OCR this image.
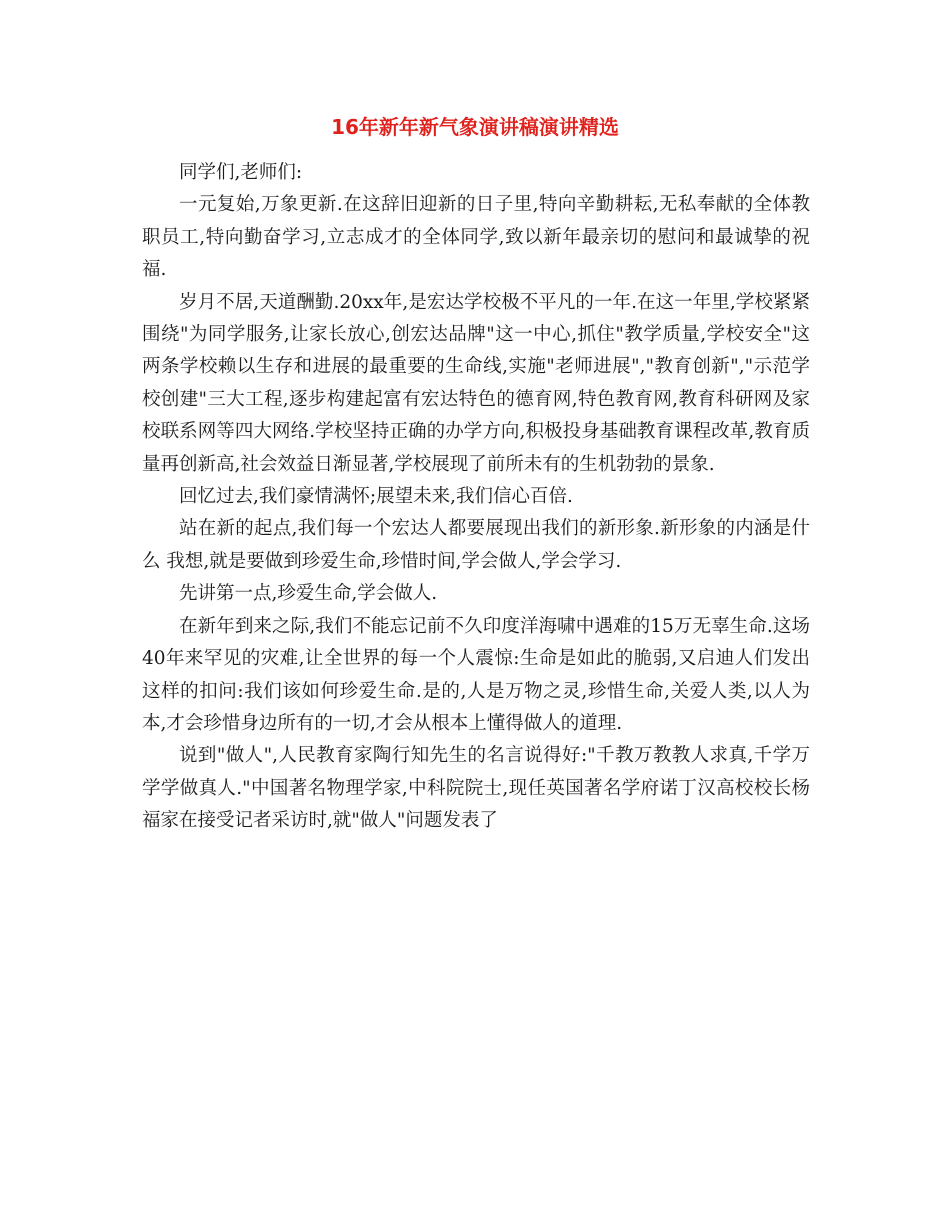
16年新年新气象演讲稿演讲精选

同学们,老师们:

一元复始,万象更新.在这辞旧迎新的日子里,特向辛勤耕耘,无私奉献的全体教职员工,特向勤奋学习,立志成才的全体同学,致以新年最亲切的慰问和最诚挚的祝福.

岁月不居,天道酬勤.20xx年,是宏达学校极不平凡的一年.在这一年里,学校紧紧围绕"为同学服务,让家长放心,创宏达品牌"这一中心,抓住"教学质量,学校安全"这两条学校赖以生存和进展的最重要的生命线,实施"老师进展","教育创新","示范学校创建"三大工程,逐步构建起富有宏达特色的德育网,特色教育网,教育科研网及家校联系网等四大网络.学校坚持正确的办学方向,积极投身基础教育课程改革,教育质量再创新高,社会效益日渐显著,学校展现了前所未有的生机勃勃的景象.

回忆过去,我们豪情满怀;展望未来,我们信心百倍.

站在新的起点,我们每一个宏达人都要展现出我们的新形象.新形象的内涵是什么 我想,就是要做到珍爱生命,珍惜时间,学会做人,学会学习.

先讲第一点,珍爱生命,学会做人.

在新年到来之际,我们不能忘记前不久印度洋海啸中遇难的15万无辜生命.这场40年来罕见的灾难,让全世界的每一个人震惊:生命是如此的脆弱,又启迪人们发出这样的扣问:我们该如何珍爱生命.是的,人是万物之灵,珍惜生命,关爱人类,以人为本,才会珍惜身边所有的一切,才会从根本上懂得做人的道理.

说到"做人",人民教育家陶行知先生的名言说得好:"千教万教教人求真,千学万学学做真人."中国著名物理学家,中科院院士,现任英国著名学府诺丁汉高校校长杨福家在接受记者采访时,就"做人"问题发表了
